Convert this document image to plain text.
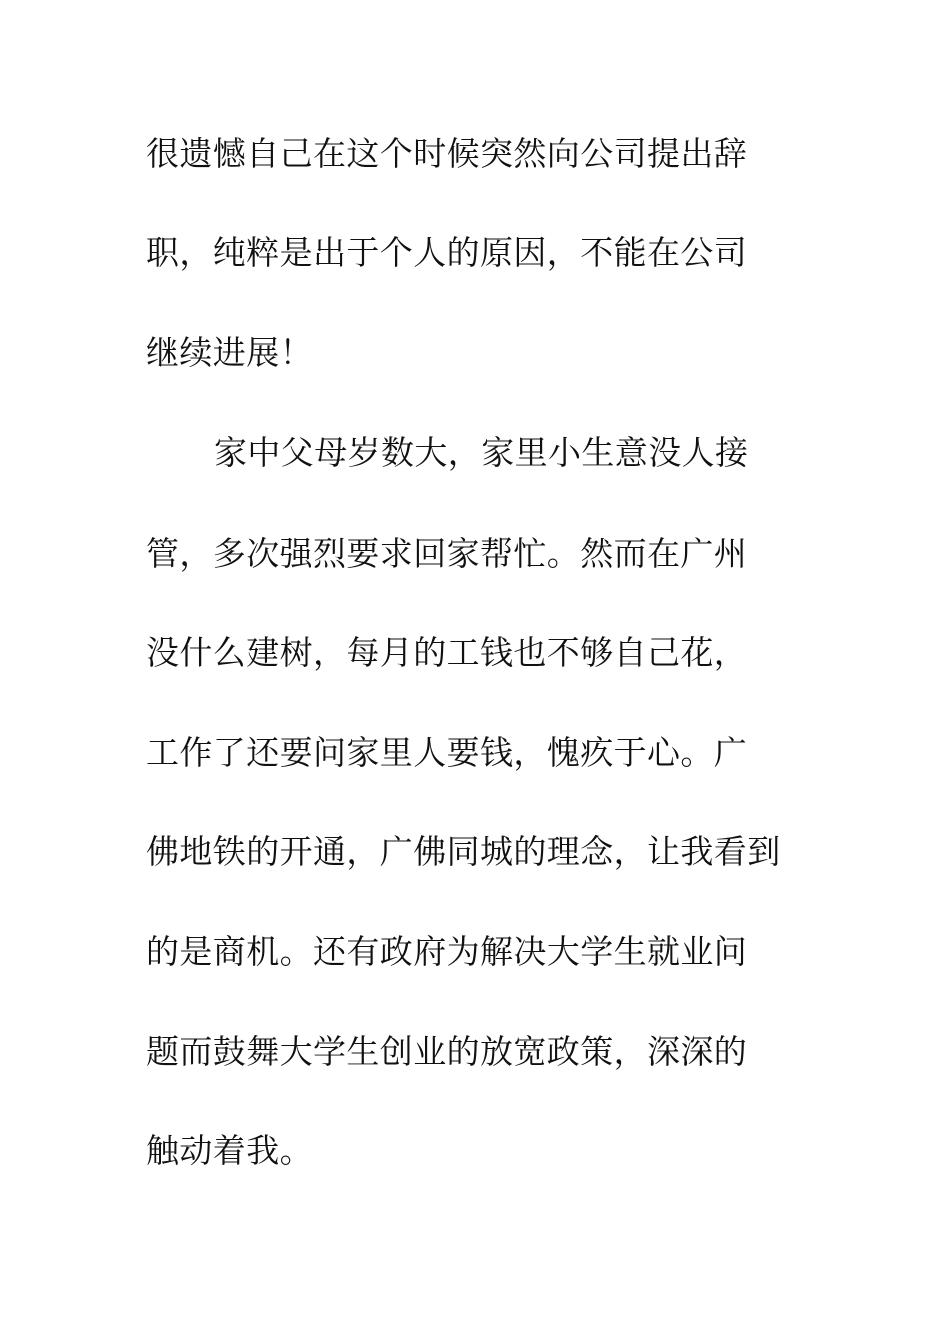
很遗憾自己在这个时候突然向公司提出辞
职，纯粹是出于个人的原因，不能在公司
继续进展！
家中父母岁数大，家里小生意没人接
管，多次强烈要求回家帮忙。然而在广州
没什么建树，每月的工钱也不够自己花，
工作了还要问家里人要钱，愧疚于心。广
佛地铁的开通，广佛同城的理念，让我看到
的是商机。还有政府为解决大学生就业问
题而鼓舞大学生创业的放宽政策，深深的
触动着我。
